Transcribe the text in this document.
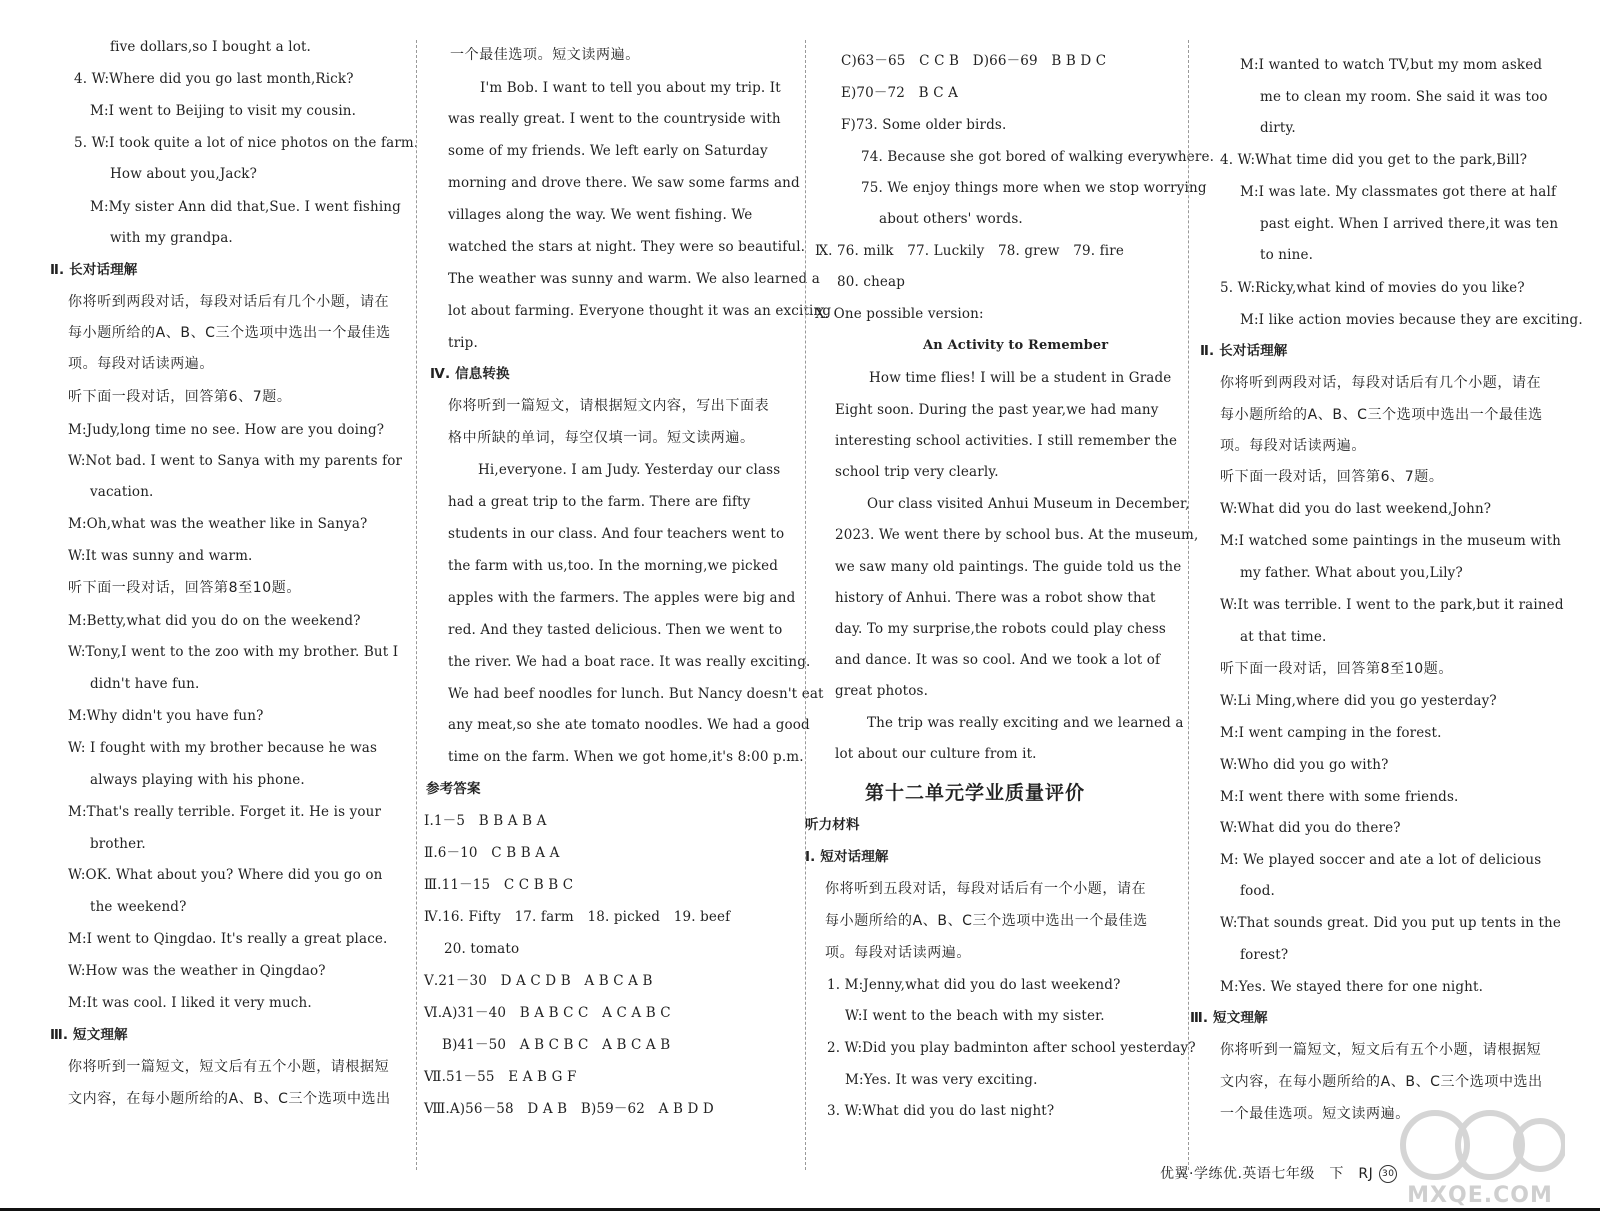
five dollars,so I bought a lot.
4. W:Where did you go last month,Rick?
M:I went to Beijing to visit my cousin.
5. W:I took quite a lot of nice photos on the farm.
How about you,Jack?
M:My sister Ann did that,Sue. I went fishing
with my grandpa.
Ⅱ. 长对话理解
你将听到两段对话，每段对话后有几个小题，请在
每小题所给的A、B、C三个选项中选出一个最佳选
项。每段对话读两遍。
听下面一段对话，回答第6、7题。
M:Judy,long time no see. How are you doing?
W:Not bad. I went to Sanya with my parents for
vacation.
M:Oh,what was the weather like in Sanya?
W:It was sunny and warm.
听下面一段对话，回答第8至10题。
M:Betty,what did you do on the weekend?
W:Tony,I went to the zoo with my brother. But I
didn't have fun.
M:Why didn't you have fun?
W: I fought with my brother because he was
always playing with his phone.
M:That's really terrible. Forget it. He is your
brother.
W:OK. What about you? Where did you go on
the weekend?
M:I went to Qingdao. It's really a great place.
W:How was the weather in Qingdao?
M:It was cool. I liked it very much.
Ⅲ. 短文理解
你将听到一篇短文，短文后有五个小题，请根据短
文内容，在每小题所给的A、B、C三个选项中选出
一个最佳选项。短文读两遍。
I'm Bob. I want to tell you about my trip. It
was really great. I went to the countryside with
some of my friends. We left early on Saturday
morning and drove there. We saw some farms and
villages along the way. We went fishing. We
watched the stars at night. They were so beautiful.
The weather was sunny and warm. We also learned a
lot about farming. Everyone thought it was an exciting
trip.
Ⅳ. 信息转换
你将听到一篇短文，请根据短文内容，写出下面表
格中所缺的单词，每空仅填一词。短文读两遍。
Hi,everyone. I am Judy. Yesterday our class
had a great trip to the farm. There are fifty
students in our class. And four teachers went to
the farm with us,too. In the morning,we picked
apples with the farmers. The apples were big and
red. And they tasted delicious. Then we went to
the river. We had a boat race. It was really exciting.
We had beef noodles for lunch. But Nancy doesn't eat
any meat,so she ate tomato noodles. We had a good
time on the farm. When we got home,it's 8:00 p.m.
参考答案
Ⅰ.1－5　B B A B A
Ⅱ.6－10　C B B A A
Ⅲ.11－15　C C B B C
Ⅳ.16. Fifty　17. farm　18. picked　19. beef
20. tomato
Ⅴ.21－30　D A C D B　A B C A B
Ⅵ.A)31－40　B A B C C　A C A B C
B)41－50　A B C B C　A B C A B
Ⅶ.51－55　E A B G F
Ⅷ.A)56－58　D A B　B)59－62　A B D D
C)63－65　C C B　D)66－69　B B D C
E)70－72　B C A
F)73. Some older birds.
74. Because she got bored of walking everywhere.
75. We enjoy things more when we stop worrying
about others' words.
Ⅸ. 76. milk　77. Luckily　78. grew　79. fire
80. cheap
Ⅹ. One possible version:
An Activity to Remember
How time flies! I will be a student in Grade
Eight soon. During the past year,we had many
interesting school activities. I still remember the
school trip very clearly.
Our class visited Anhui Museum in December,
2023. We went there by school bus. At the museum,
we saw many old paintings. The guide told us the
history of Anhui. There was a robot show that
day. To my surprise,the robots could play chess
and dance. It was so cool. And we took a lot of
great photos.
The trip was really exciting and we learned a
lot about our culture from it.
第十二单元学业质量评价
听力材料
Ⅰ. 短对话理解
你将听到五段对话，每段对话后有一个小题，请在
每小题所给的A、B、C三个选项中选出一个最佳选
项。每段对话读两遍。
1. M:Jenny,what did you do last weekend?
W:I went to the beach with my sister.
2. W:Did you play badminton after school yesterday?
M:Yes. It was very exciting.
3. W:What did you do last night?
M:I wanted to watch TV,but my mom asked
me to clean my room. She said it was too
dirty.
4. W:What time did you get to the park,Bill?
M:I was late. My classmates got there at half
past eight. When I arrived there,it was ten
to nine.
5. W:Ricky,what kind of movies do you like?
M:I like action movies because they are exciting.
Ⅱ. 长对话理解
你将听到两段对话，每段对话后有几个小题，请在
每小题所给的A、B、C三个选项中选出一个最佳选
项。每段对话读两遍。
听下面一段对话，回答第6、7题。
W:What did you do last weekend,John?
M:I watched some paintings in the museum with
my father. What about you,Lily?
W:It was terrible. I went to the park,but it rained
at that time.
听下面一段对话，回答第8至10题。
W:Li Ming,where did you go yesterday?
M:I went camping in the forest.
W:Who did you go with?
M:I went there with some friends.
W:What did you do there?
M: We played soccer and ate a lot of delicious
food.
W:That sounds great. Did you put up tents in the
forest?
M:Yes. We stayed there for one night.
Ⅲ. 短文理解
你将听到一篇短文，短文后有五个小题，请根据短
文内容，在每小题所给的A、B、C三个选项中选出
一个最佳选项。短文读两遍。
MXQE.COM
优翼·学练优.英语七年级　下　RJ 30
